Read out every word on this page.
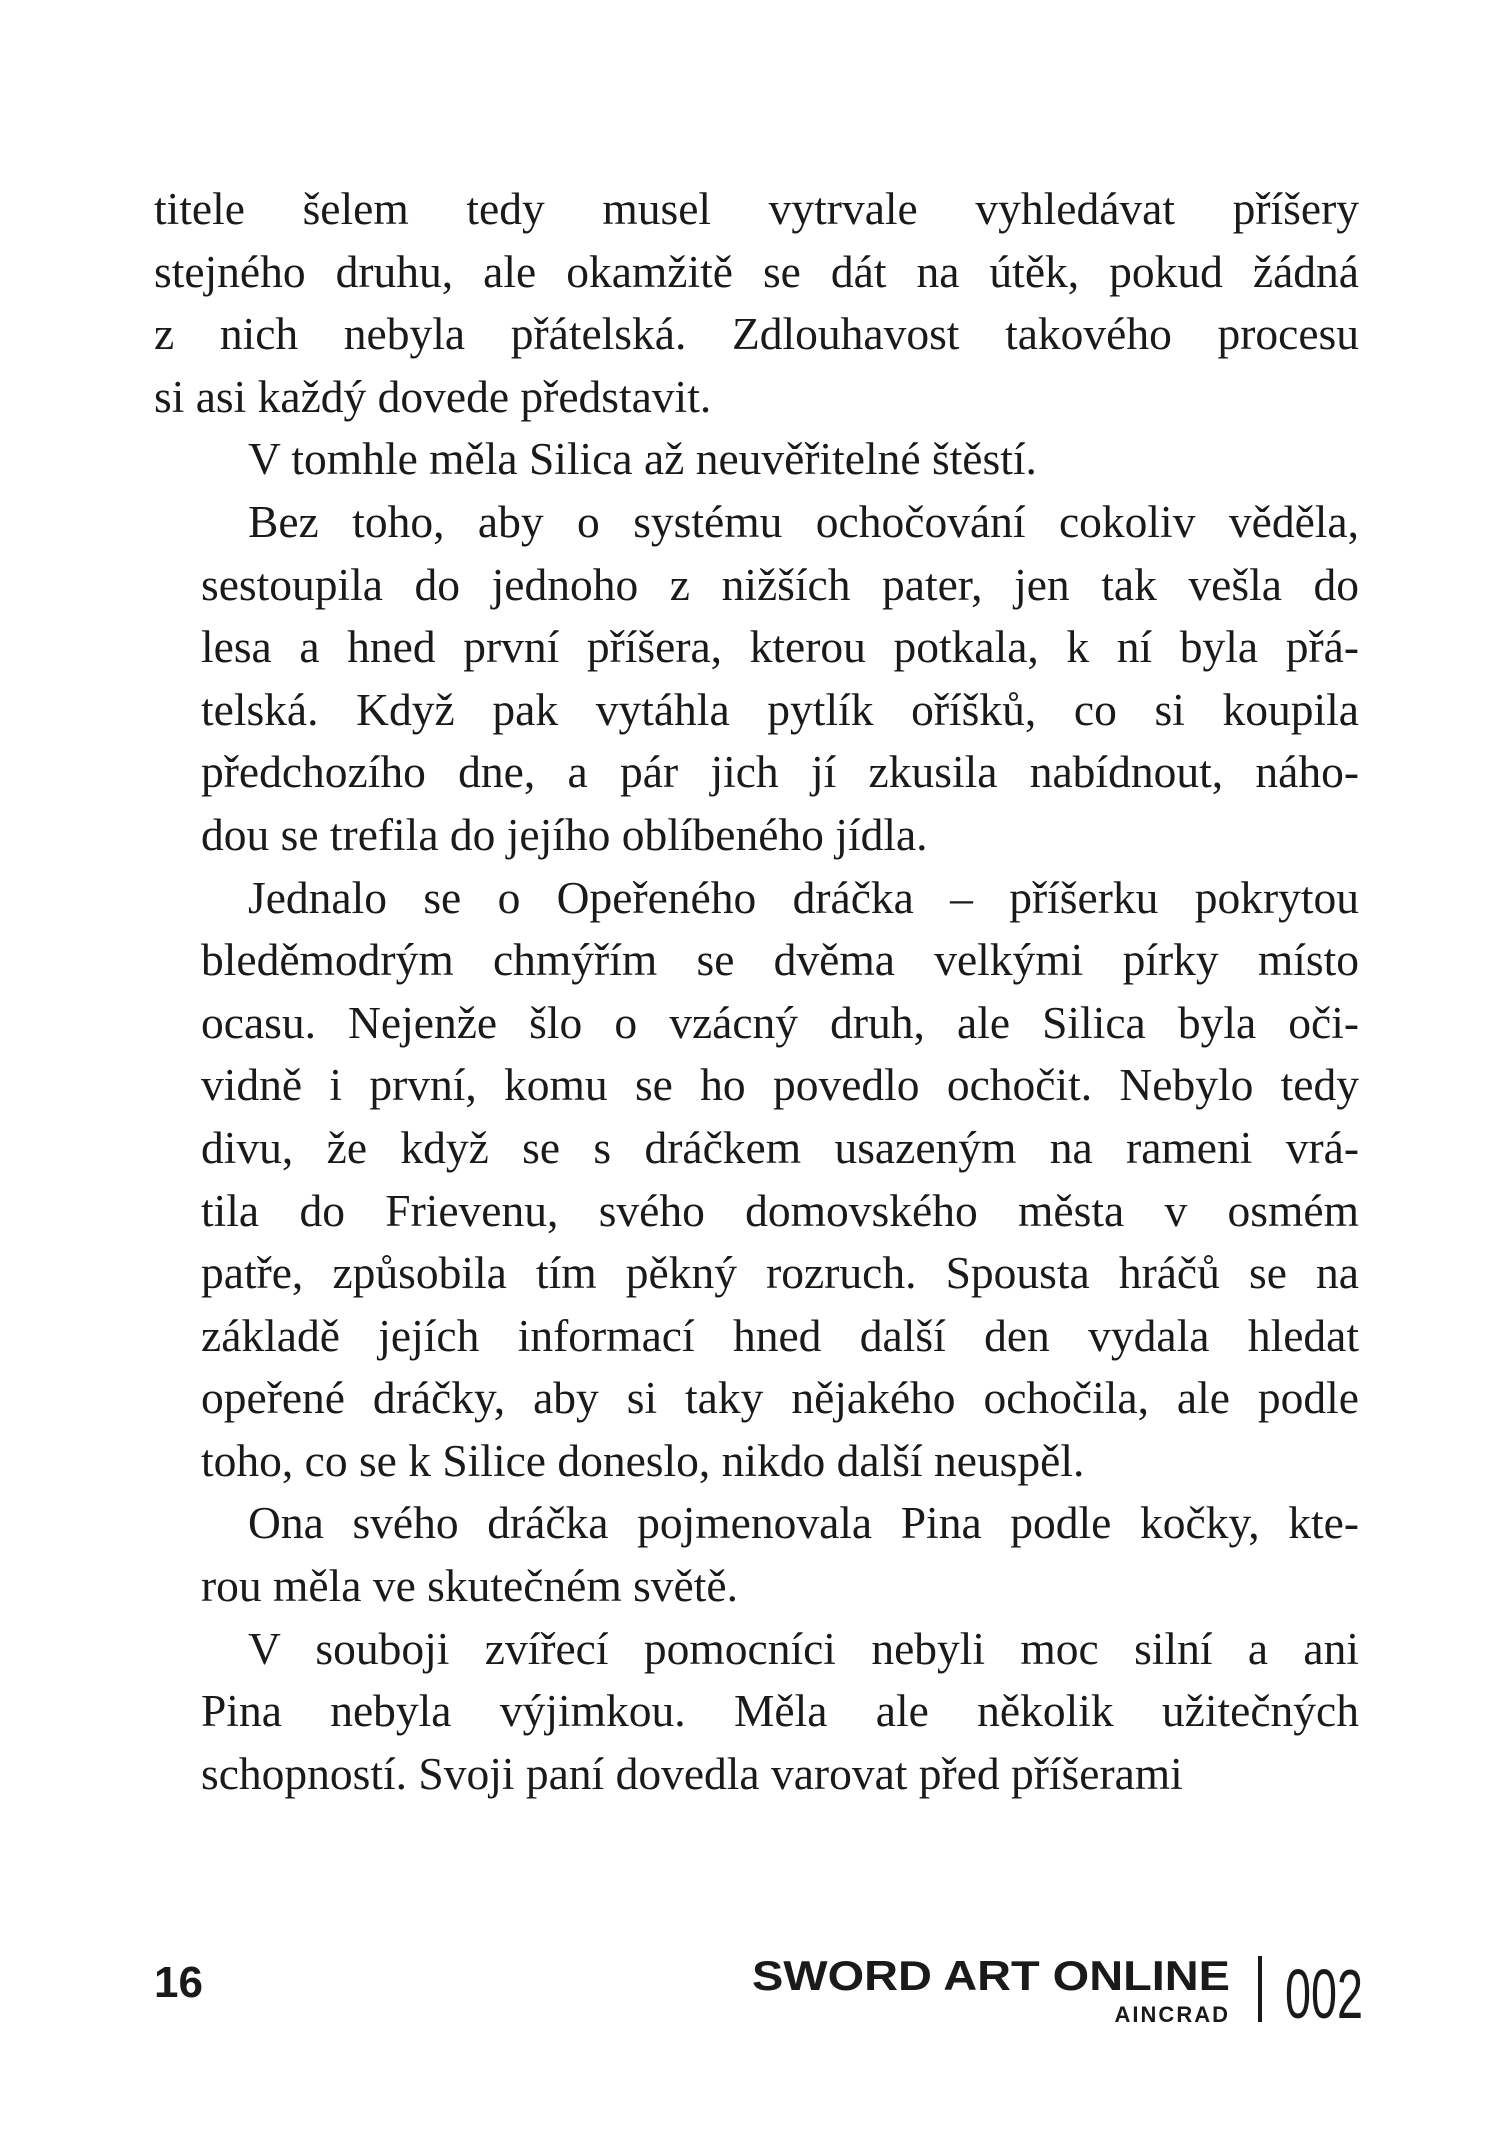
titele šelem tedy musel vytrvale vyhledávat příšery
stejného druhu, ale okamžitě se dát na útěk, pokud žádná
z nich nebyla přátelská. Zdlouhavost takového procesu
si asi každý dovede představit.

V tomhle měla Silica až neuvěřitelné štěstí.

Bez toho, aby o systému ochočování cokoliv věděla,
sestoupila do jednoho z nižších pater, jen tak vešla do
lesa a hned první příšera, kterou potkala, k ní byla přá-
telská. Když pak vytáhla pytlík oříšků, co si koupila
předchozího dne, a pár jich jí zkusila nabídnout, náho-
dou se trefila do jejího oblíbeného jídla.

Jednalo se o Opeřeného dráčka – příšerku pokrytou
bleděmodrým chmýřím se dvěma velkými pírky místo
ocasu. Nejenže šlo o vzácný druh, ale Silica byla oči-
vidně i první, komu se ho povedlo ochočit. Nebylo tedy
divu, že když se s dráčkem usazeným na rameni vrá-
tila do Frievenu, svého domovského města v osmém
patře, způsobila tím pěkný rozruch. Spousta hráčů se na
základě jejích informací hned další den vydala hledat
opeřené dráčky, aby si taky nějakého ochočila, ale podle
toho, co se k Silice doneslo, nikdo další neuspěl.

Ona svého dráčka pojmenovala Pina podle kočky, kte-
rou měla ve skutečném světě.

V souboji zvířecí pomocníci nebyli moc silní a ani
Pina nebyla výjimkou. Měla ale několik užitečných
schopností. Svoji paní dovedla varovat před příšerami

16	SWORD ART ONLINE
AINCRAD 002
